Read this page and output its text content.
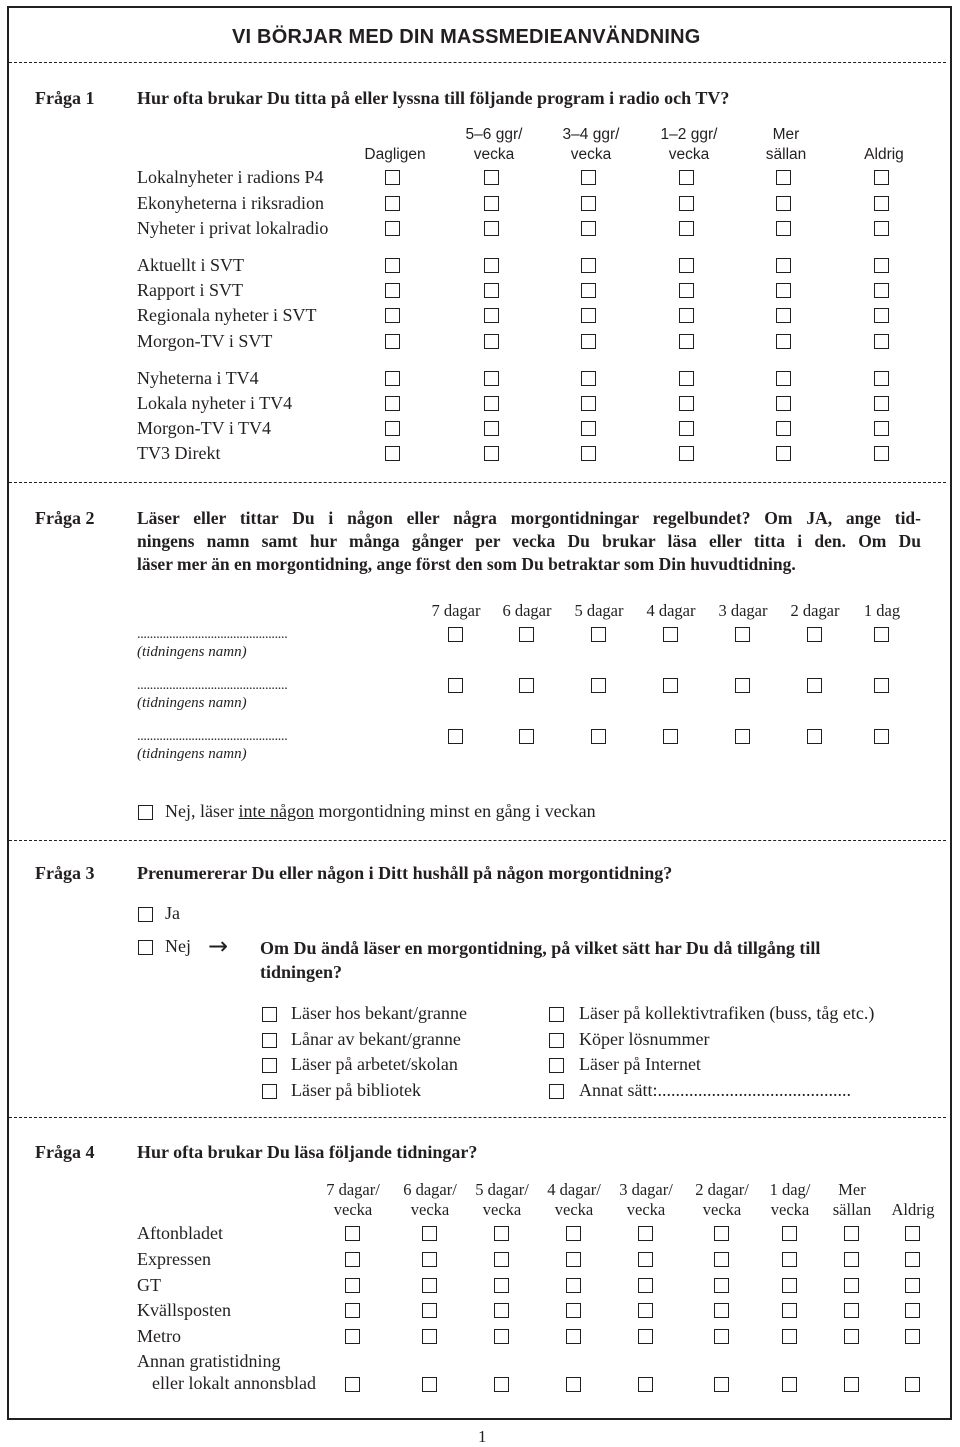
VI BÖRJAR MED DIN MASSMEDIEANVÄNDNING
Fråga 1 Hur ofta brukar Du titta på eller lyssna till följande program i radio och TV?
Dagligen
5–6 ggr/
vecka
3–4 ggr/
vecka
1–2 ggr/
vecka
Mer
sällan	Aldrig
Lokalnyheter i radions P4
Ekonyheterna i riksradion
Nyheter i privat lokalradio
Aktuellt i SVT
Rapport i SVT
Regionala nyheter i SVT
Morgon-TV i SVT
Nyheterna i TV4
Lokala nyheter i TV4
Morgon-TV i TV4
TV3 Direkt
Fråga 2 Läser eller tittar Du i någon eller några morgontidningar regelbundet? Om JA, ange tid-
ningens namn samt hur många gånger per vecka Du brukar läsa eller titta i den. Om Du
läser mer än en morgontidning, ange först den som Du betraktar som Din huvudtidning.
7 dagar 6 dagar 5 dagar 4 dagar 3 dagar 2 dagar 1 dag
...............................................
(tidningens namn)
...............................................
(tidningens namn)
...............................................
(tidningens namn)
Nej, läser inte någon morgontidning minst en gång i veckan
Fråga 3 Prenumererar Du eller någon i Ditt hushåll på någon morgontidning?
Ja
Nej → Om Du ändå läser en morgontidning, på vilket sätt har Du då tillgång till
tidningen?
Läser hos bekant/granne
Lånar av bekant/granne
Läser på arbetet/skolan
Läser på bibliotek
Läser på kollektivtrafiken (buss, tåg etc.)
Köper lösnummer
Läser på Internet
Annat sätt:...........................................
Fråga 4 Hur ofta brukar Du läsa följande tidningar?
7 dagar/
vecka
6 dagar/
vecka
5 dagar/
vecka
4 dagar/
vecka
3 dagar/
vecka
2 dagar/
vecka
1 dag/
vecka
Mer
sällan Aldrig
Aftonbladet
Expressen
GT
Kvällsposten
Metro
Annan gratistidning
eller lokalt annonsblad
1
